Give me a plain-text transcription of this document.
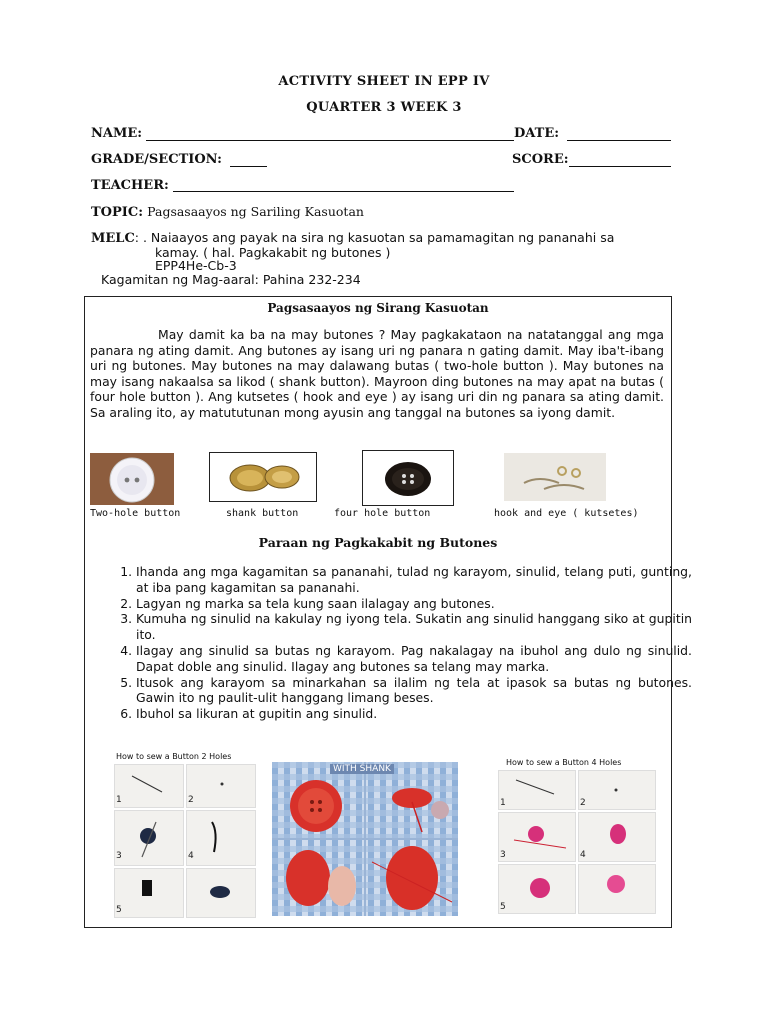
ACTIVITY SHEET IN EPP IV
QUARTER 3 WEEK 3
NAME:	DATE:
GRADE/SECTION:	SCORE:
TEACHER:
TOPIC: Pagsasaayos ng Sariling Kasuotan
MELC: . Naiaayos ang payak na sira ng kasuotan sa pamamagitan ng pananahi sa
kamay. ( hal. Pagkakabit ng butones )
EPP4He-Cb-3
Kagamitan ng Mag-aaral: Pahina 232-234
Pagsasaayos ng Sirang Kasuotan
May damit ka ba na may butones ? May pagkakataon na natatanggal ang mga panara ng ating damit. Ang butones ay isang uri ng panara n gating damit. May iba't-ibang uri ng butones. May butones na may dalawang butas ( two-hole button ). May butones na may isang nakaalsa sa likod ( shank button). Mayroon ding butones na may apat na butas ( four hole button ). Ang kutsetes ( hook and eye ) ay isang uri din ng panara sa ating damit. Sa araling ito, ay matututunan mong ayusin ang tanggal na butones sa iyong damit.
Two-hole button	shank button	four hole button	hook and eye ( kutsetes)
Paraan ng Pagkakabit ng Butones
1. Ihanda ang mga kagamitan sa pananahi, tulad ng karayom, sinulid, telang puti, gunting, at iba pang kagamitan sa pananahi.
2. Lagyan ng marka sa tela kung saan ilalagay ang butones.
3. Kumuha ng sinulid na kakulay ng iyong tela. Sukatin ang sinulid hanggang siko at gupitin ito.
4. Ilagay ang sinulid sa butas ng karayom. Pag nakalagay na ibuhol ang dulo ng sinulid. Dapat doble ang sinulid. Ilagay ang butones sa telang may marka.
5. Itusok ang karayom sa minarkahan sa ilalim ng tela at ipasok sa butas ng butones. Gawin ito ng paulit-ulit hanggang limang beses.
6. Ibuhol sa likuran at gupitin ang sinulid.
How to sew a Button 2 Holes
1	2
3	4
5
WITH SHANK
How to sew a Button 4 Holes
1	2
3	4
5
